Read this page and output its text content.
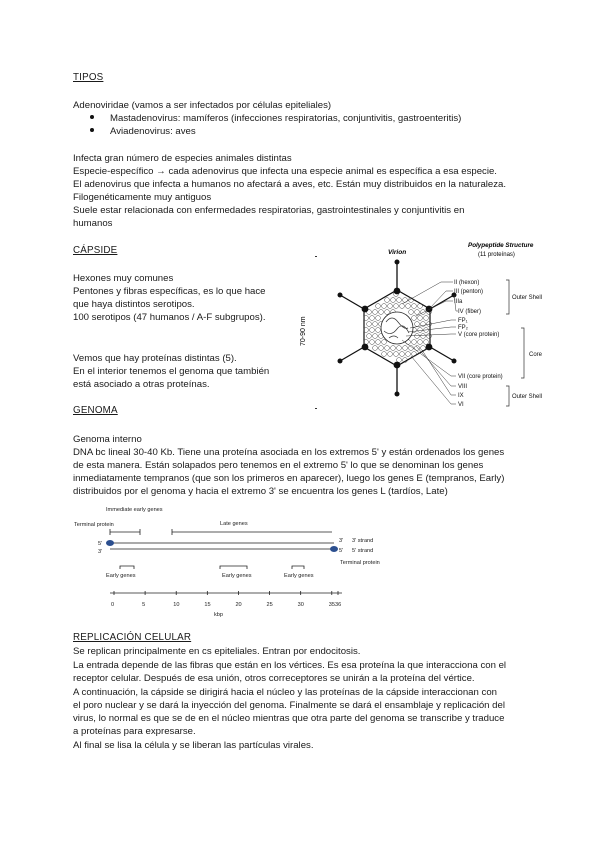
TIPOS
Adenoviridae (vamos a ser infectados por células epiteliales)
Mastadenovirus: mamíferos (infecciones respiratorias, conjuntivitis, gastroenteritis)
Aviadenovirus: aves
Infecta gran número de especies animales distintas
Especie-específico → cada adenovirus que infecta una especie animal es específica a esa especie.
El adenovirus que infecta a humanos no afectará a aves, etc. Están muy distribuidos en la naturaleza.
Filogenéticamente muy antiguos
Suele estar relacionada con enfermedades respiratorias, gastrointestinales y conjuntivitis en
humanos
CÁPSIDE
Hexones muy comunes
Pentones y fibras específicas, es lo que hace
que haya distintos serotipos.
100 serotipos (47 humanos / A-F subgrupos).
Vemos que hay proteínas distintas (5).
En el interior tenemos el genoma que también
está asociado a otras proteínas.
Virion
Polypeptide Structure
(11 proteínas)
70-90 nm
II (hexon)
III (penton)
IIIa
IV (fiber)
FP₁
FP₂
V (core protein)
VII (core protein)
VIII
IX
VI
Outer Shell
Core
Outer Shell
GENOMA
Genoma interno
DNA bc lineal 30-40 Kb. Tiene una proteína asociada en los extremos 5' y están ordenados los genes
de esta manera. Están solapados pero tenemos en el extremo 5' lo que se denominan los genes
inmediatamente tempranos (que son los primeros en aparecer), luego los genes E (tempranos, Early)
distribuidos por el genoma y hacia el extremo 3' se encuentra los genes L (tardíos, Late)
Terminal protein
Immediate early genes
Late genes
5'
3'
3'
5'
3' strand
5' strand
Terminal protein
Early genes	Early genes	Early genes
0	5	10	15	20	25	30	35 36
kbp
REPLICACIÓN CELULAR
Se replican principalmente en cs epiteliales. Entran por endocitosis.
La entrada depende de las fibras que están en los vértices. Es esa proteína la que interacciona con el
receptor celular. Después de esa unión, otros correceptores se unirán a la proteína del vértice.
A continuación, la cápside se dirigirá hacia el núcleo y las proteínas de la cápside interaccionan con
el poro nuclear y se dará la inyección del genoma. Finalmente se dará el ensamblaje y replicación del
virus, lo normal es que se de en el núcleo mientras que otra parte del genoma se transcribe y traduce
a proteínas para expresarse.
Al final se lisa la célula y se liberan las partículas virales.
